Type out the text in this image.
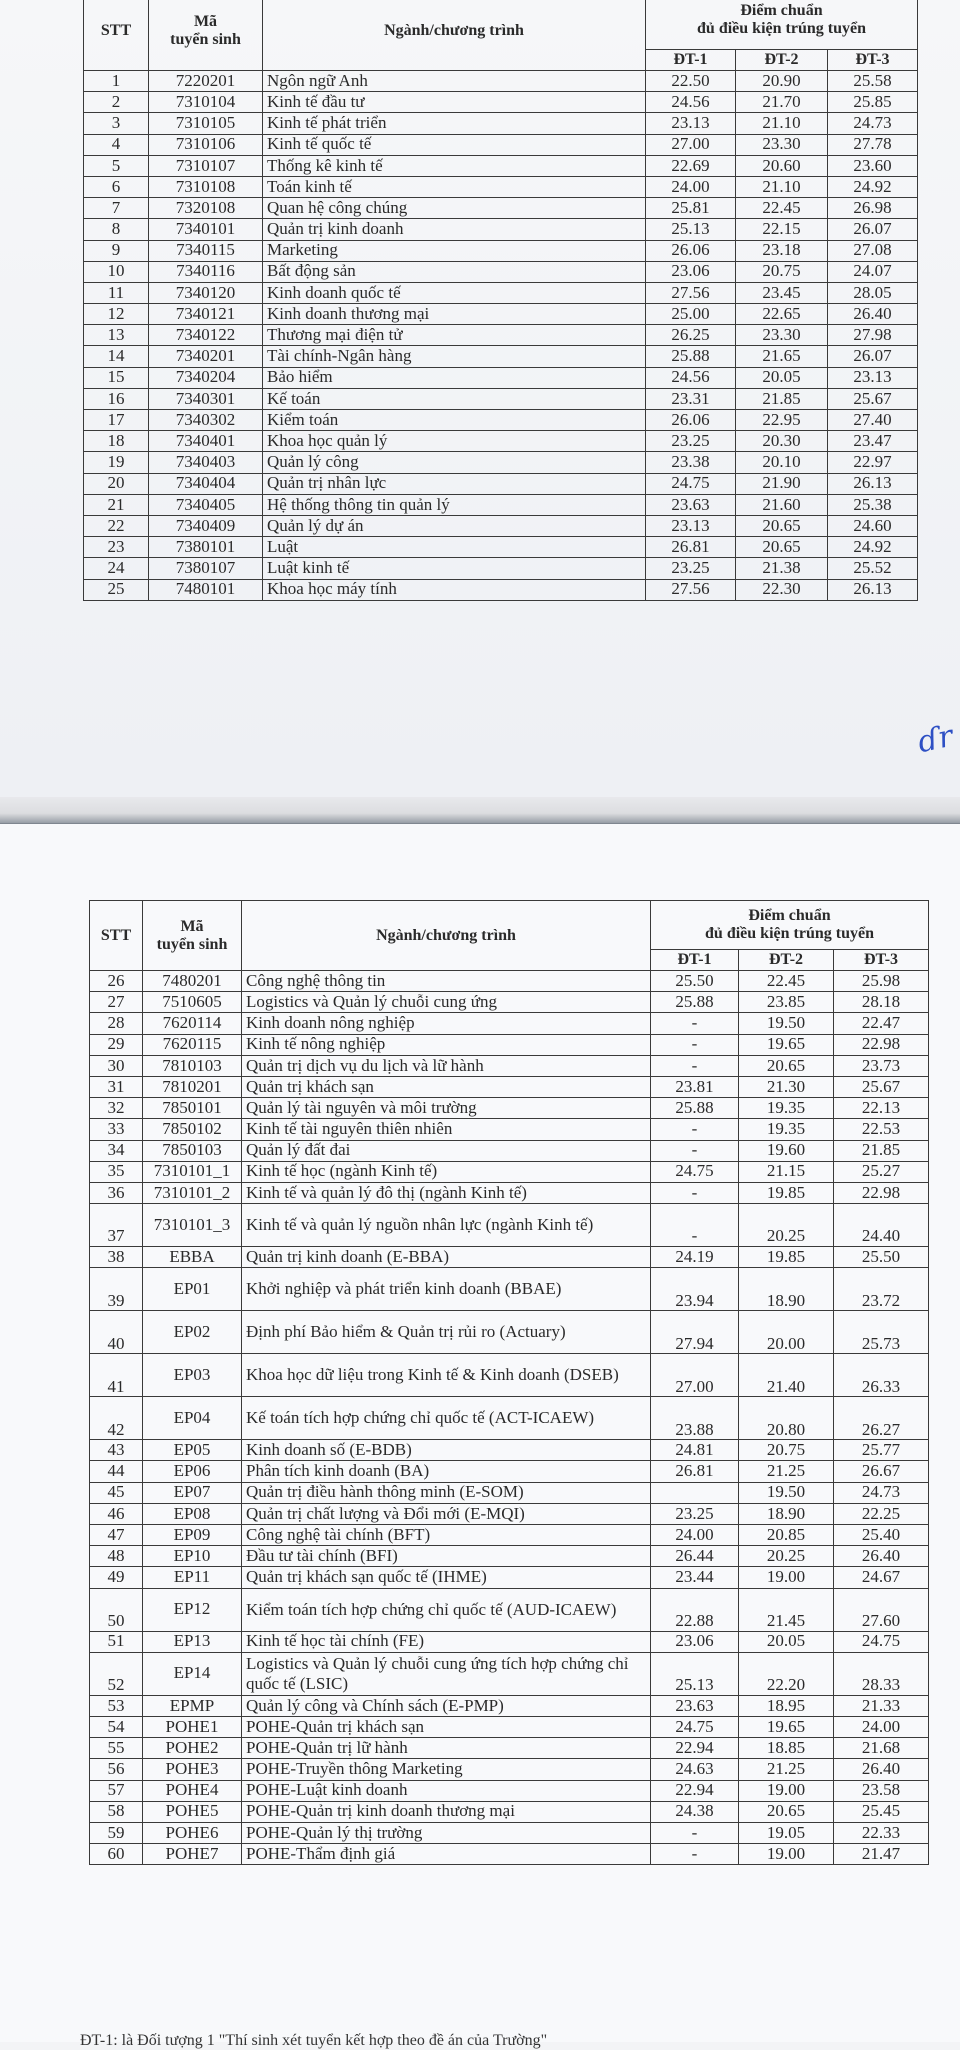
STT	Mã
tuyển sinh	Ngành/chương trình	Điểm chuẩn
đủ điều kiện trúng tuyển		
			ĐT-1	ĐT-2	ĐT-3
1	7220201	Ngôn ngữ Anh	22.50	20.90	25.58
2	7310104	Kinh tế đầu tư	24.56	21.70	25.85
3	7310105	Kinh tế phát triển	23.13	21.10	24.73
4	7310106	Kinh tế quốc tế	27.00	23.30	27.78
5	7310107	Thống kê kinh tế	22.69	20.60	23.60
6	7310108	Toán kinh tế	24.00	21.10	24.92
7	7320108	Quan hệ công chúng	25.81	22.45	26.98
8	7340101	Quản trị kinh doanh	25.13	22.15	26.07
9	7340115	Marketing	26.06	23.18	27.08
10	7340116	Bất động sản	23.06	20.75	24.07
11	7340120	Kinh doanh quốc tế	27.56	23.45	28.05
12	7340121	Kinh doanh thương mại	25.00	22.65	26.40
13	7340122	Thương mại điện tử	26.25	23.30	27.98
14	7340201	Tài chính-Ngân hàng	25.88	21.65	26.07
15	7340204	Bảo hiểm	24.56	20.05	23.13
16	7340301	Kế toán	23.31	21.85	25.67
17	7340302	Kiểm toán	26.06	22.95	27.40
18	7340401	Khoa học quản lý	23.25	20.30	23.47
19	7340403	Quản lý công	23.38	20.10	22.97
20	7340404	Quản trị nhân lực	24.75	21.90	26.13
21	7340405	Hệ thống thông tin quản lý	23.63	21.60	25.38
22	7340409	Quản lý dự án	23.13	20.65	24.60
23	7380101	Luật	26.81	20.65	24.92
24	7380107	Luật kinh tế	23.25	21.38	25.52
25	7480101	Khoa học máy tính	27.56	22.30	26.13
ɗr
STT	Mã
tuyển sinh	Ngành/chương trình	Điểm chuẩn
đủ điều kiện trúng tuyển		
			ĐT-1	ĐT-2	ĐT-3
26	7480201	Công nghệ thông tin	25.50	22.45	25.98
27	7510605	Logistics và Quản lý chuỗi cung ứng	25.88	23.85	28.18
28	7620114	Kinh doanh nông nghiệp	-	19.50	22.47
29	7620115	Kinh tế nông nghiệp	-	19.65	22.98
30	7810103	Quản trị dịch vụ du lịch và lữ hành	-	20.65	23.73
31	7810201	Quản trị khách sạn	23.81	21.30	25.67
32	7850101	Quản lý tài nguyên và môi trường	25.88	19.35	22.13
33	7850102	Kinh tế tài nguyên thiên nhiên	-	19.35	22.53
34	7850103	Quản lý đất đai	-	19.60	21.85
35	7310101_1	Kinh tế học (ngành Kinh tế)	24.75	21.15	25.27
36	7310101_2	Kinh tế và quản lý đô thị (ngành Kinh tế)	-	19.85	22.98
37	7310101_3	Kinh tế và quản lý nguồn nhân lực (ngành Kinh tế)	-	20.25	24.40
38	EBBA	Quản trị kinh doanh (E-BBA)	24.19	19.85	25.50
39	EP01	Khởi nghiệp và phát triển kinh doanh (BBAE)	23.94	18.90	23.72
40	EP02	Định phí Bảo hiểm & Quản trị rủi ro (Actuary)	27.94	20.00	25.73
41	EP03	Khoa học dữ liệu trong Kinh tế & Kinh doanh (DSEB)	27.00	21.40	26.33
42	EP04	Kế toán tích hợp chứng chỉ quốc tế (ACT-ICAEW)	23.88	20.80	26.27
43	EP05	Kinh doanh số (E-BDB)	24.81	20.75	25.77
44	EP06	Phân tích kinh doanh (BA)	26.81	21.25	26.67
45	EP07	Quản trị điều hành thông minh (E-SOM)		19.50	24.73
46	EP08	Quản trị chất lượng và Đổi mới (E-MQI)	23.25	18.90	22.25
47	EP09	Công nghệ tài chính (BFT)	24.00	20.85	25.40
48	EP10	Đầu tư tài chính (BFI)	26.44	20.25	26.40
49	EP11	Quản trị khách sạn quốc tế (IHME)	23.44	19.00	24.67
50	EP12	Kiểm toán tích hợp chứng chỉ quốc tế (AUD-ICAEW)	22.88	21.45	27.60
51	EP13	Kinh tế học tài chính (FE)	23.06	20.05	24.75
52	EP14	Logistics và Quản lý chuỗi cung ứng tích hợp chứng chỉ quốc tế (LSIC)	25.13	22.20	28.33
53	EPMP	Quản lý công và Chính sách (E-PMP)	23.63	18.95	21.33
54	POHE1	POHE-Quản trị khách sạn	24.75	19.65	24.00
55	POHE2	POHE-Quản trị lữ hành	22.94	18.85	21.68
56	POHE3	POHE-Truyền thông Marketing	24.63	21.25	26.40
57	POHE4	POHE-Luật kinh doanh	22.94	19.00	23.58
58	POHE5	POHE-Quản trị kinh doanh thương mại	24.38	20.65	25.45
59	POHE6	POHE-Quản lý thị trường	-	19.05	22.33
60	POHE7	POHE-Thẩm định giá	-	19.00	21.47
ĐT-1: là Đối tượng 1 "Thí sinh xét tuyển kết hợp theo đề án của Trường"
